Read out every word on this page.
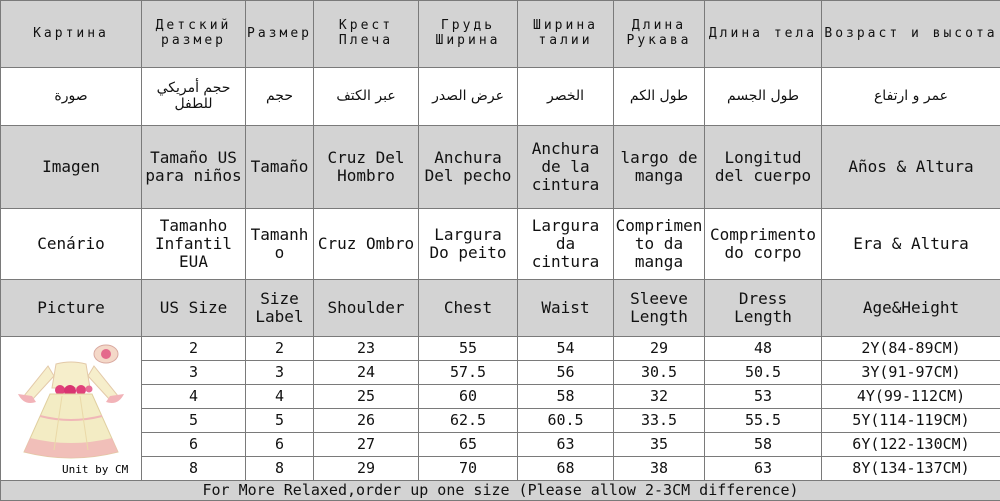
Картина	Детский размер	Размер	Крест Плеча	Грудь Ширина	Ширина талии	Длина Рукава	Длина тела	Возраст и высота
صورة	حجم أمريكي للطفل	حجم	عبر الكتف	عرض الصدر	الخصر	طول الكم	طول الجسم	عمر و ارتفاع
Imagen	Tamaño US para niños	Tamaño	Cruz Del Hombro	Anchura Del pecho	Anchura de la cintura	largo de manga	Longitud del cuerpo	Años & Altura
Cenário	Tamanho Infantil EUA	Tamanho	Cruz Ombro	Largura Do peito	Largura da cintura	Comprimento da manga	Comprimento do corpo	Era & Altura
Picture	US Size	Size Label	Shoulder	Chest	Waist	Sleeve Length	Dress Length	Age&Height

Unit by CM	2	2	23	55	54	29	48	2Y(84-89CM)
	3	3	24	57.5	56	30.5	50.5	3Y(91-97CM)
	4	4	25	60	58	32	53	4Y(99-112CM)
	5	5	26	62.5	60.5	33.5	55.5	5Y(114-119CM)
	6	6	27	65	63	35	58	6Y(122-130CM)
	8	8	29	70	68	38	63	8Y(134-137CM)
For More Relaxed,order up one size (Please allow 2-3CM difference)								
